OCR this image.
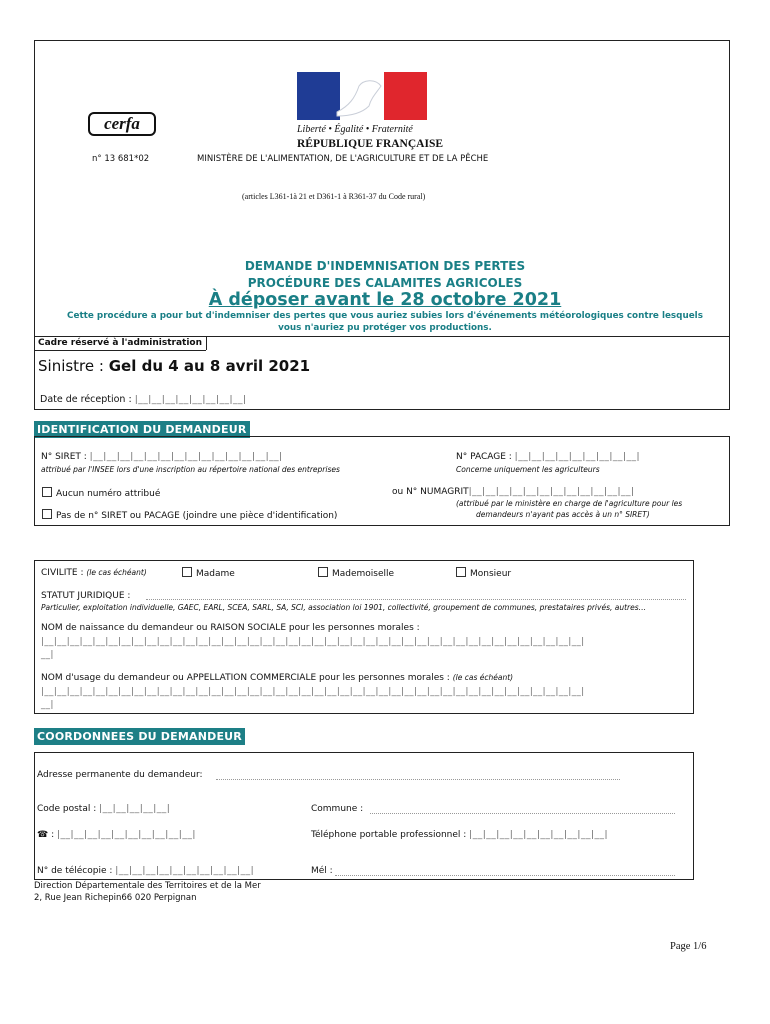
cerfa
n° 13 681*02
Liberté • Égalité • Fraternité
RÉPUBLIQUE FRANÇAISE
MINISTÈRE DE L'ALIMENTATION, DE L'AGRICULTURE ET DE LA PÊCHE
(articles L361-1à 21 et D361-1 à R361-37 du Code rural)
DEMANDE D'INDEMNISATION DES PERTES
PROCÉDURE DES CALAMITES AGRICOLES
À déposer avant le 28 octobre 2021
Cette procédure a pour but d'indemniser des pertes que vous auriez subies lors d'événements météorologiques contre lesquels
vous n'auriez pu protéger vos productions.
Cadre réservé à l'administration
Sinistre : Gel du 4 au 8 avril 2021
Date de réception : |__|__|__|__|__|__|__|__|
IDENTIFICATION DU DEMANDEUR
N° SIRET : |__|__|__|__|__|__|__|__|__|__|__|__|__|__|
attribué par l'INSEE lors d'une inscription au répertoire national des entreprises
N° PACAGE : |__|__|__|__|__|__|__|__|__|
Concerne uniquement les agriculteurs
Aucun numéro attribué	ou N° NUMAGRIT|__|__|__|__|__|__|__|__|__|__|__|__|
(attribué par le ministère en charge de l'agriculture pour les
demandeurs n'ayant pas accès à un n° SIRET)
Pas de n° SIRET ou PACAGE (joindre une pièce d'identification)
CIVILITE : (le cas échéant)	Madame	Mademoiselle	Monsieur
STATUT JURIDIQUE :
Particulier, exploitation individuelle, GAEC, EARL, SCEA, SARL, SA, SCI, association loi 1901, collectivité, groupement de communes, prestataires privés, autres…
NOM de naissance du demandeur ou RAISON SOCIALE pour les personnes morales :
|__|__|__|__|__|__|__|__|__|__|__|__|__|__|__|__|__|__|__|__|__|__|__|__|__|__|__|__|__|__|__|__|__|__|__|__|__|__|__|__|__|__|
__|
NOM d'usage du demandeur ou APPELLATION COMMERCIALE pour les personnes morales : (le cas échéant)
|__|__|__|__|__|__|__|__|__|__|__|__|__|__|__|__|__|__|__|__|__|__|__|__|__|__|__|__|__|__|__|__|__|__|__|__|__|__|__|__|__|__|
__|
COORDONNEES DU DEMANDEUR
Adresse permanente du demandeur:
Code postal : |__|__|__|__|__|	Commune :
☎ : |__|__|__|__|__|__|__|__|__|__|	Téléphone portable professionnel : |__|__|__|__|__|__|__|__|__|__|
N° de télécopie : |__|__|__|__|__|__|__|__|__|__|	Mél :
Direction Départementale des Territoires et de la Mer
2, Rue Jean Richepin66 020 Perpignan
Page 1/6
